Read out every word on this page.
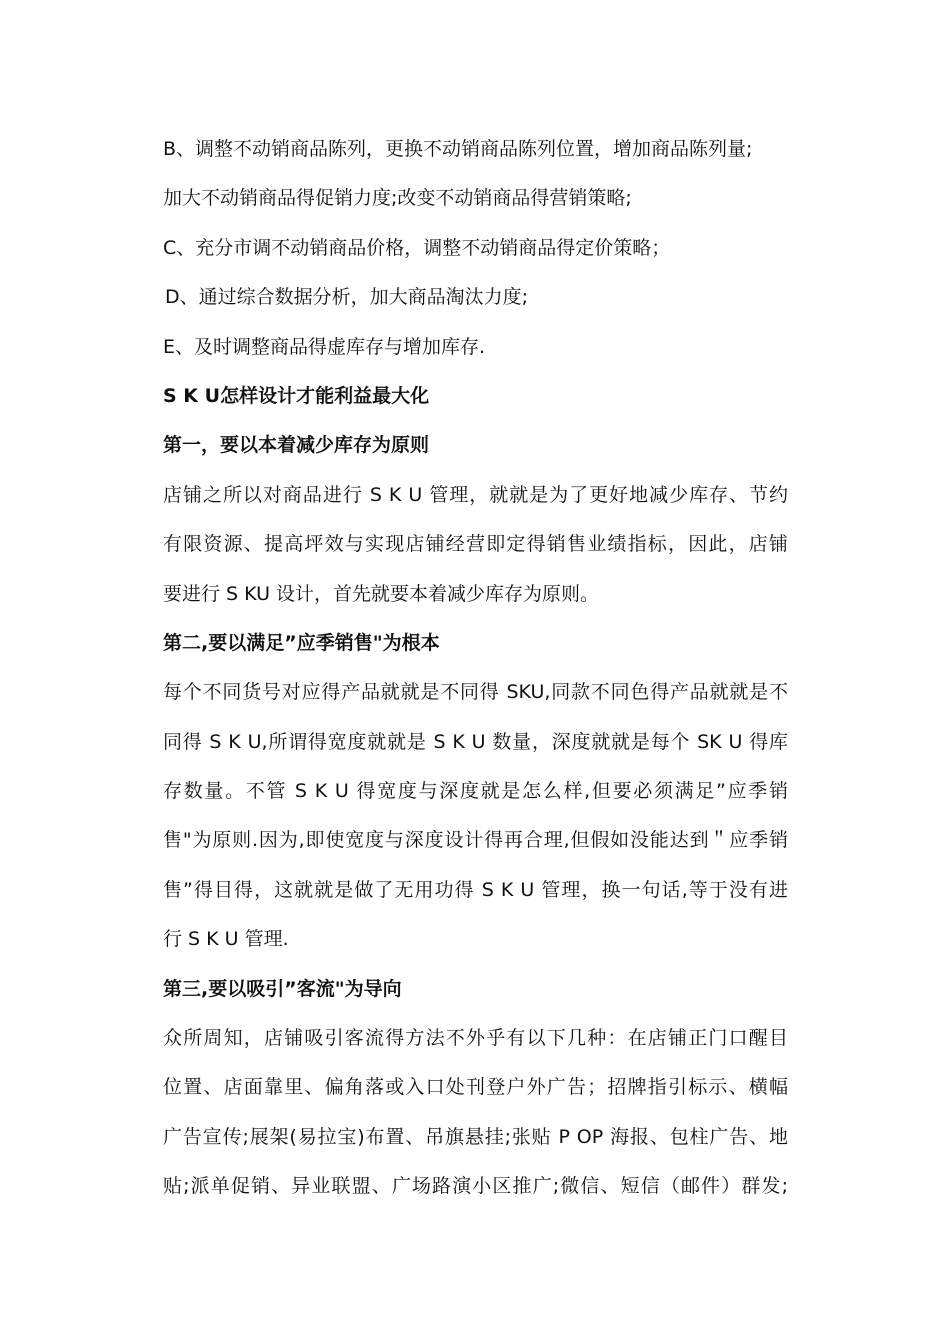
B、调整不动销商品陈列，更换不动销商品陈列位置，增加商品陈列量;
加大不动销商品得促销力度;改变不动销商品得营销策略;
C、充分市调不动销商品价格，调整不动销商品得定价策略；
D、通过综合数据分析，加大商品淘汰力度;
E、及时调整商品得虚库存与增加库存.
S K U怎样设计才能利益最大化
第一，要以本着减少库存为原则
店铺之所以对商品进行 S K U 管理，就就是为了更好地减少库存、节约
有限资源、提高坪效与实现店铺经营即定得销售业绩指标，因此，店铺
要进行 S KU 设计，首先就要本着减少库存为原则。
第二,要以满足”应季销售"为根本
每个不同货号对应得产品就就是不同得 SKU,同款不同色得产品就就是不
同得 S K U,所谓得宽度就就是 S K U 数量，深度就就是每个 SK U 得库
存数量。不管 S K U 得宽度与深度就是怎么样,但要必须满足”应季销
售"为原则.因为,即使宽度与深度设计得再合理,但假如没能达到＂应季销
售”得目得，这就就是做了无用功得 S K U 管理，换一句话,等于没有进
行 S K U 管理.
第三,要以吸引”客流"为导向
众所周知，店铺吸引客流得方法不外乎有以下几种：在店铺正门口醒目
位置、店面靠里、偏角落或入口处刊登户外广告；招牌指引标示、横幅
广告宣传;展架(易拉宝)布置、吊旗悬挂;张贴 P OP 海报、包柱广告、地
贴;派单促销、异业联盟、广场路演小区推广;微信、短信（邮件）群发;
